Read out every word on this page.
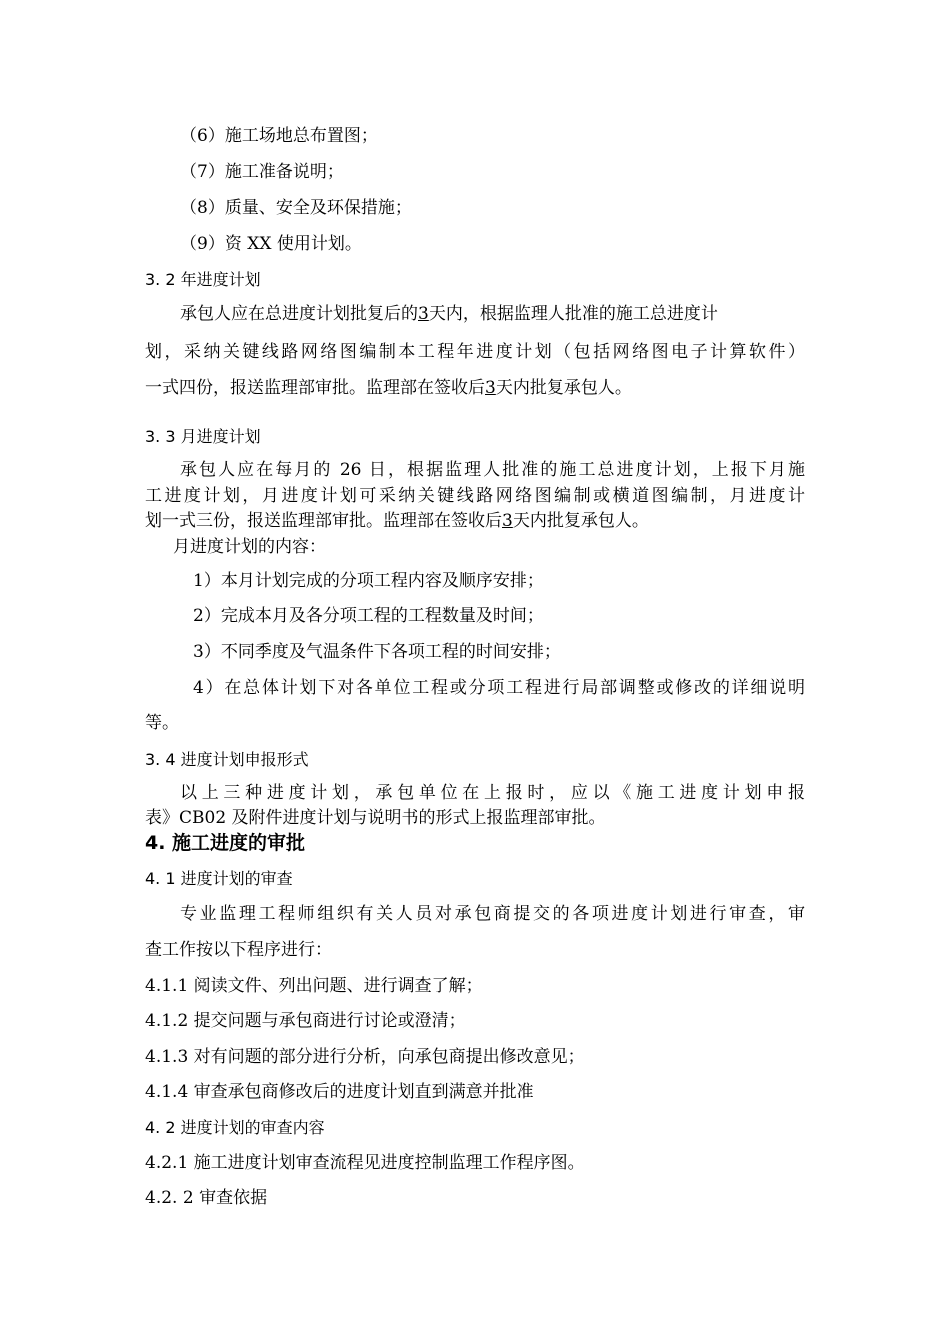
（6）施工场地总布置图；
（7）施工准备说明；
（8）质量、安全及环保措施；
（9）资 XX 使用计划。
3. 2 年进度计划
承包人应在总进度计划批复后的3天内，根据监理人批准的施工总进度计
划，采纳关键线路网络图编制本工程年进度计划（包括网络图电子计算软件）
一式四份，报送监理部审批。监理部在签收后3天内批复承包人。
3. 3 月进度计划
承包人应在每月的 26 日，根据监理人批准的施工总进度计划，上报下月施
工进度计划，月进度计划可采纳关键线路网络图编制或横道图编制，月进度计
划一式三份，报送监理部审批。监理部在签收后3天内批复承包人。
月进度计划的内容：
1）本月计划完成的分项工程内容及顺序安排；
2）完成本月及各分项工程的工程数量及时间；
3）不同季度及气温条件下各项工程的时间安排；
4）在总体计划下对各单位工程或分项工程进行局部调整或修改的详细说明
等。
3. 4 进度计划申报形式
以上三种进度计划，承包单位在上报时，应以《施工进度计划申报
表》CB02 及附件进度计划与说明书的形式上报监理部审批。
4. 施工进度的审批
4. 1 进度计划的审查
专业监理工程师组织有关人员对承包商提交的各项进度计划进行审查，审
查工作按以下程序进行：
4.1.1 阅读文件、列出问题、进行调查了解；
4.1.2 提交问题与承包商进行讨论或澄清；
4.1.3 对有问题的部分进行分析，向承包商提出修改意见；
4.1.4 审查承包商修改后的进度计划直到满意并批准
4. 2 进度计划的审查内容
4.2.1 施工进度计划审查流程见进度控制监理工作程序图。
4.2. 2 审查依据
